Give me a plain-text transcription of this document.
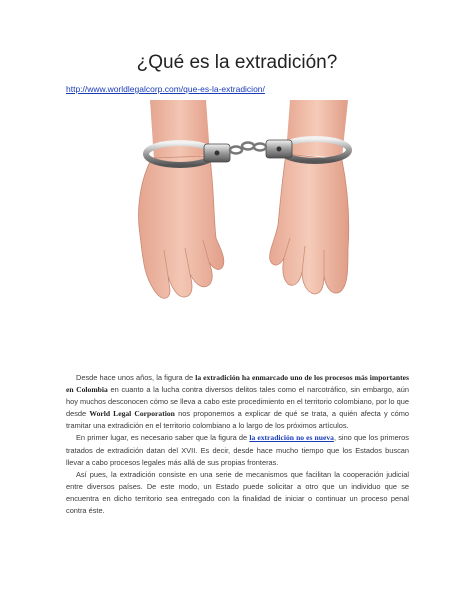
¿Qué es la extradición?
http://www.worldlegalcorp.com/que-es-la-extradicion/

Desde hace unos años, la figura de la extradición ha enmarcado uno de los procesos más importantes en Colombia en cuanto a la lucha contra diversos delitos tales como el narcotráfico, sin embargo, aún hoy muchos desconocen cómo se lleva a cabo este procedimiento en el territorio colombiano, por lo que desde World Legal Corporation nos proponemos a explicar de qué se trata, a quién afecta y cómo tramitar una extradición en el territorio colombiano a lo largo de los próximos artículos.

En primer lugar, es necesario saber que la figura de la extradición no es nueva, sino que los primeros tratados de extradición datan del XVII. Es decir, desde hace mucho tiempo que los Estados buscan llevar a cabo procesos legales más allá de sus propias fronteras.

Así pues, la extradición consiste en una serie de mecanismos que facilitan la cooperación judicial entre diversos países. De este modo, un Estado puede solicitar a otro que un individuo que se encuentra en dicho territorio sea entregado con la finalidad de iniciar o continuar un proceso penal contra éste.
